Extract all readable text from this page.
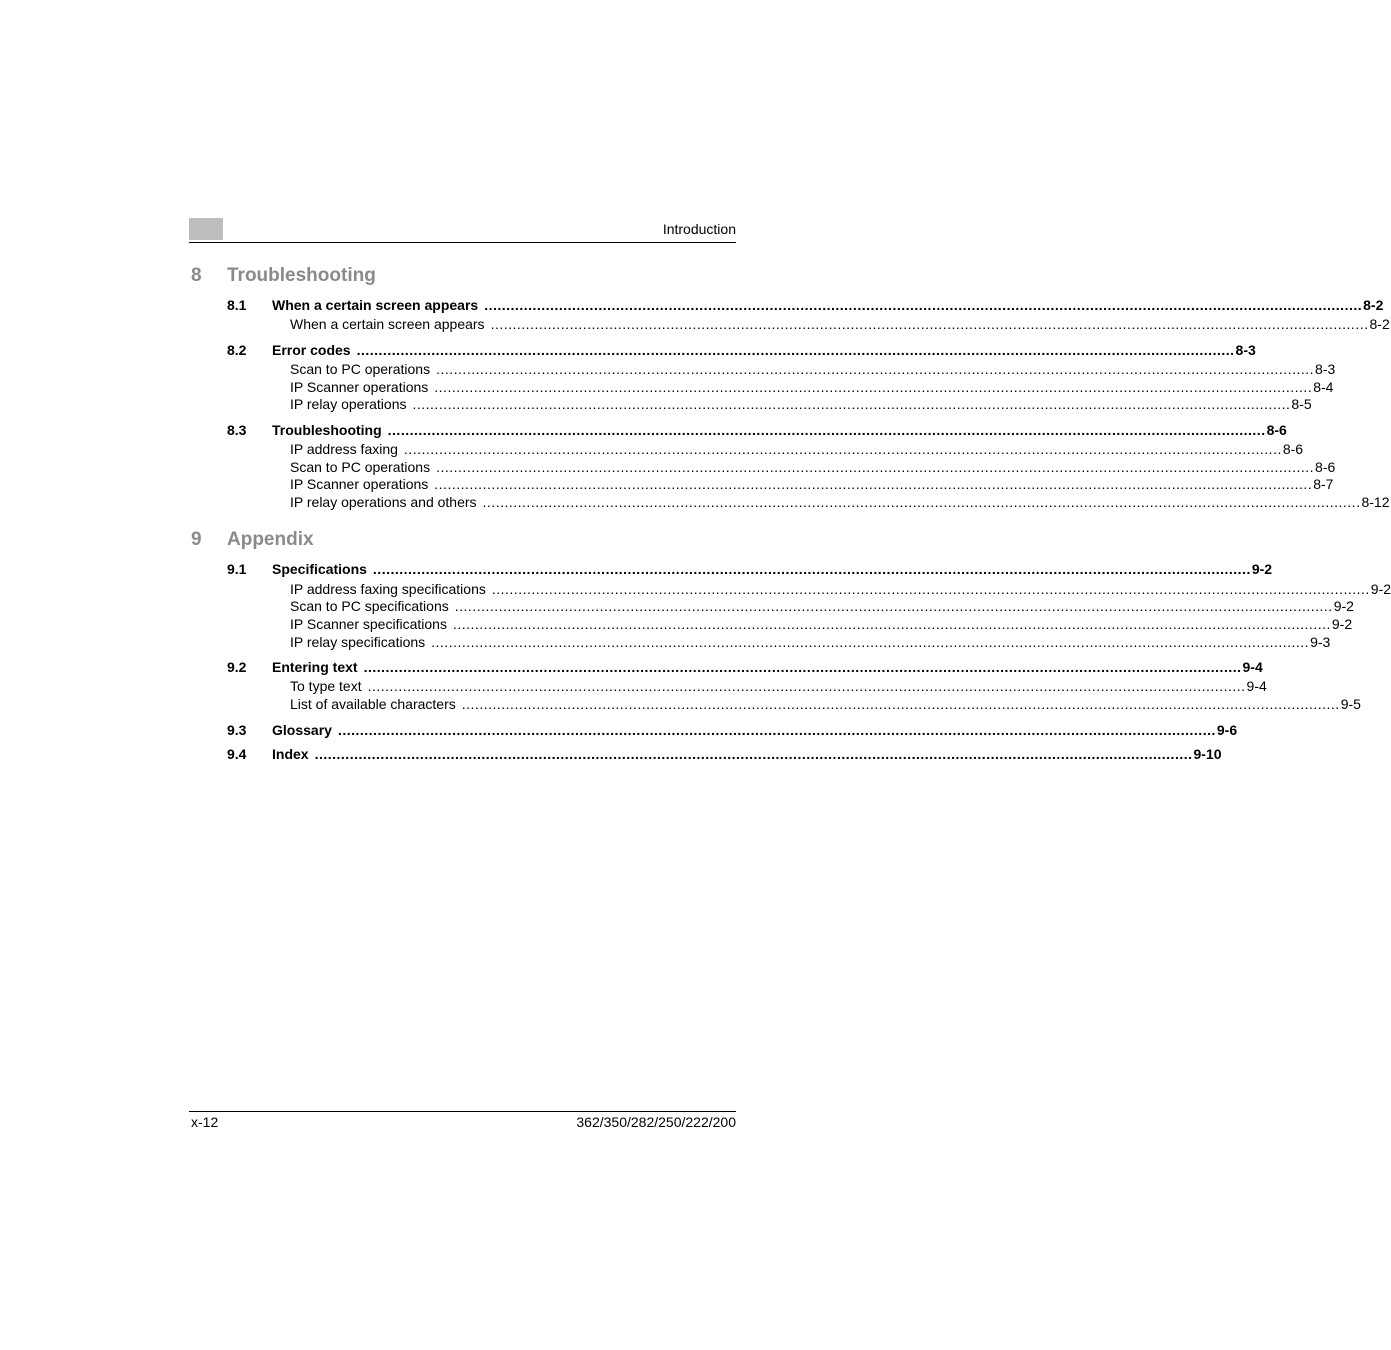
Introduction
8 Troubleshooting
8.1 When a certain screen appears ........................................................................................................................................................................................................ 8-2
When a certain screen appears ........................................................................................................................................................................................................ 8-2
8.2 Error codes ........................................................................................................................................................................................................ 8-3
Scan to PC operations ........................................................................................................................................................................................................ 8-3
IP Scanner operations ........................................................................................................................................................................................................ 8-4
IP relay operations ........................................................................................................................................................................................................ 8-5
8.3 Troubleshooting ........................................................................................................................................................................................................ 8-6
IP address faxing ........................................................................................................................................................................................................ 8-6
Scan to PC operations ........................................................................................................................................................................................................ 8-6
IP Scanner operations ........................................................................................................................................................................................................ 8-7
IP relay operations and others ........................................................................................................................................................................................................ 8-12
9 Appendix
9.1 Specifications ........................................................................................................................................................................................................ 9-2
IP address faxing specifications ........................................................................................................................................................................................................ 9-2
Scan to PC specifications ........................................................................................................................................................................................................ 9-2
IP Scanner specifications ........................................................................................................................................................................................................ 9-2
IP relay specifications ........................................................................................................................................................................................................ 9-3
9.2 Entering text ........................................................................................................................................................................................................ 9-4
To type text ........................................................................................................................................................................................................ 9-4
List of available characters ........................................................................................................................................................................................................ 9-5
9.3 Glossary ........................................................................................................................................................................................................ 9-6
9.4 Index ........................................................................................................................................................................................................ 9-10
x-12	362/350/282/250/222/200
